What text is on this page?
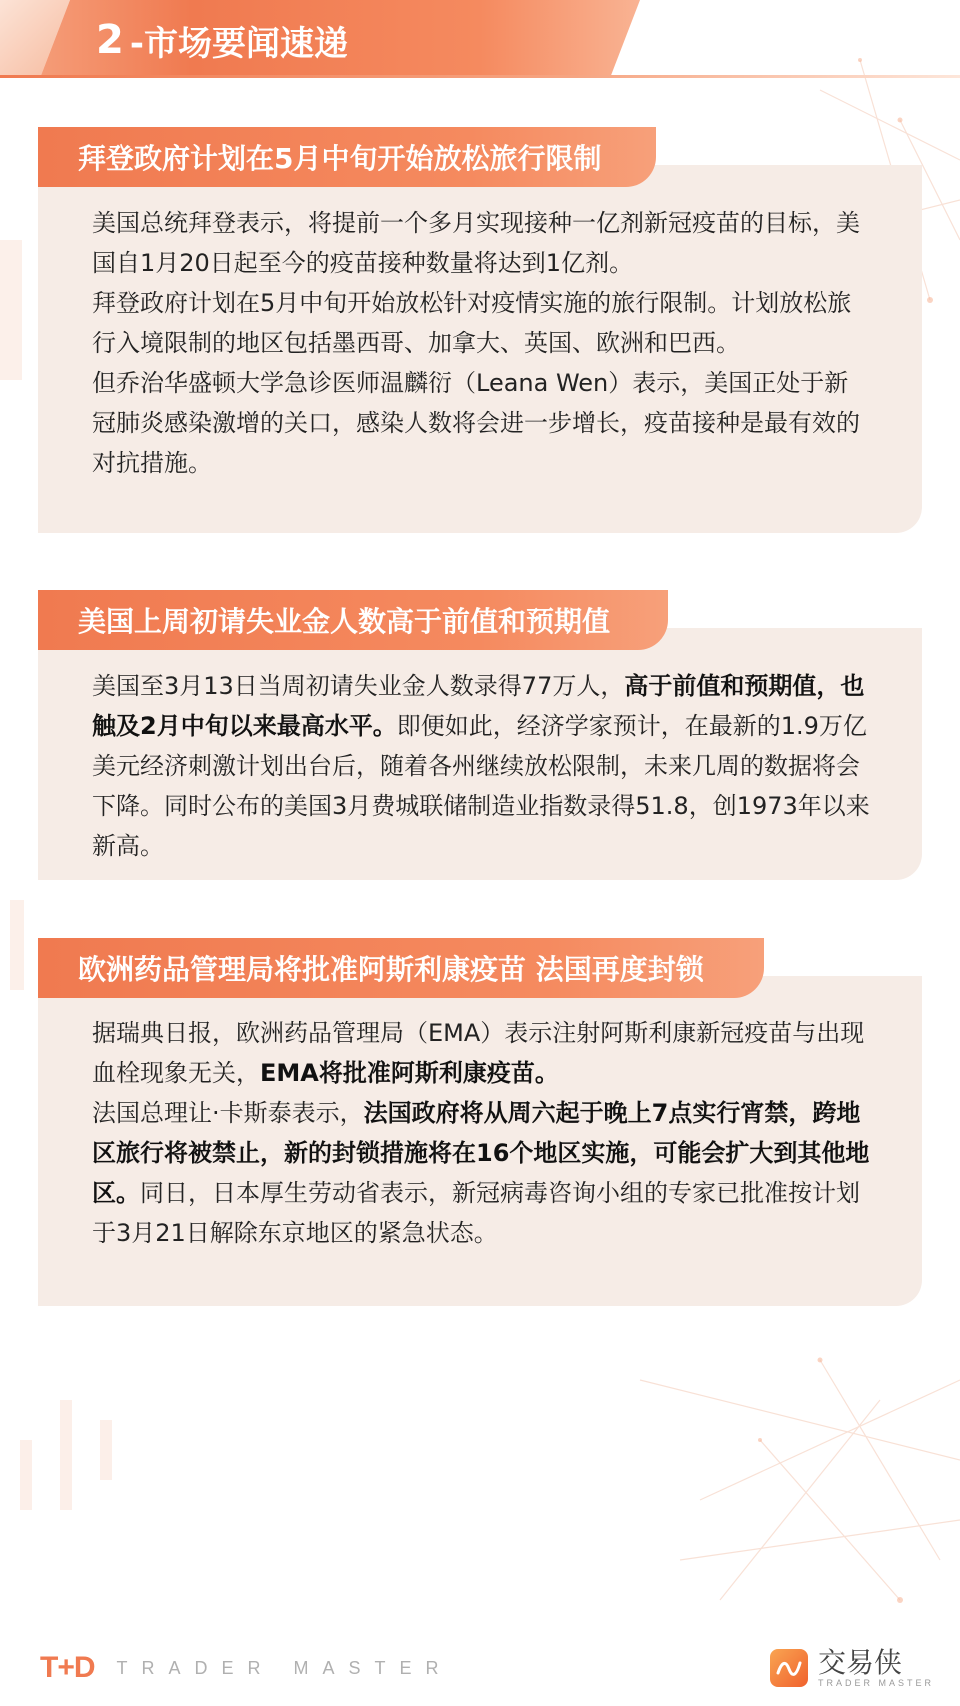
2 -市场要闻速递
拜登政府计划在5月中旬开始放松旅行限制

美国总统拜登表示，将提前一个多月实现接种一亿剂新冠疫苗的目标，美国自1月20日起至今的疫苗接种数量将达到1亿剂。

拜登政府计划在5月中旬开始放松针对疫情实施的旅行限制。计划放松旅行入境限制的地区包括墨西哥、加拿大、英国、欧洲和巴西。

但乔治华盛顿大学急诊医师温麟衍（Leana Wen）表示，美国正处于新冠肺炎感染激增的关口，感染人数将会进一步增长，疫苗接种是最有效的对抗措施。

美国上周初请失业金人数高于前值和预期值

美国至3月13日当周初请失业金人数录得77万人，高于前值和预期值，也触及2月中旬以来最高水平。即便如此，经济学家预计，在最新的1.9万亿美元经济刺激计划出台后，随着各州继续放松限制，未来几周的数据将会下降。同时公布的美国3月费城联储制造业指数录得51.8，创1973年以来新高。

欧洲药品管理局将批准阿斯利康疫苗 法国再度封锁

据瑞典日报，欧洲药品管理局（EMA）表示注射阿斯利康新冠疫苗与出现血栓现象无关，EMA将批准阿斯利康疫苗。

法国总理让·卡斯泰表示，法国政府将从周六起于晚上7点实行宵禁，跨地区旅行将被禁止，新的封锁措施将在16个地区实施，可能会扩大到其他地区。同日，日本厚生劳动省表示，新冠病毒咨询小组的专家已批准按计划于3月21日解除东京地区的紧急状态。

T+D TRADER MASTER	交易侠
TRADER MASTER
